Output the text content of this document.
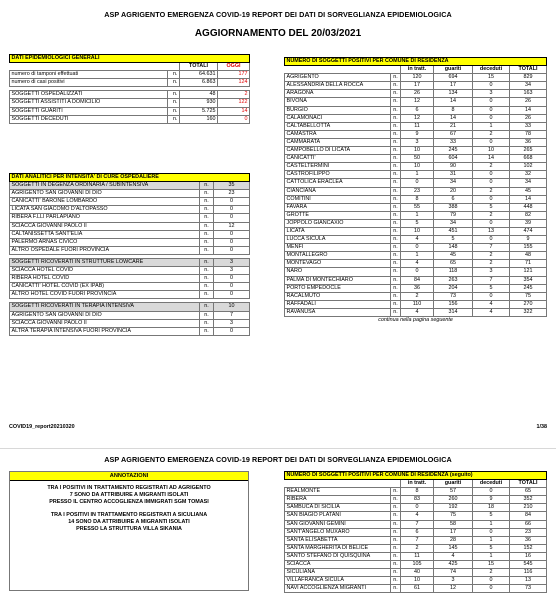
ASP AGRIGENTO EMERGENZA COVID-19 REPORT DEI DATI DI SORVEGLIANZA EPIDEMIOLOGICA
AGGIORNAMENTO DEL 20/03/2021
DATI EPIDEMIOLOGICI GENERALI			
		TOTALI	OGGI
numero di tamponi effettuati	n.	64.631	177
numero di casi positivi	n.	6.863	124

SOGGETTI OSPEDALIZZATI	n.	48	2
SOGGETTI ASSISTITI A DOMICILIO	n.	930	122
SOGGETTI GUARITI	n.	5.725	14
SOGGETTI DECEDUTI	n.	160	0
DATI ANALITICI PER INTENSITA' DI CURE OSPEDALIERE		
SOGGETTI IN DEGENZA ORDINARIA / SUBINTENSIVA	n.	35
AGRIGENTO SAN GIOVANNI DI DIO	n.	23
CANICATTI' BARONE LOMBARDO	n.	0
LICATA SAN GIACOMO D'ALTOPASSO	n.	0
RIBERA F.LLI PARLAPIANO	n.	0
SCIACCA GIOVANNI PAOLO II	n.	12
CALTANISSETTA SANT'ELIA	n.	0
PALERMO ARNAS CIVICO	n.	0
ALTRO OSPEDALE FUORI PROVINCIA	n.	0

SOGGETTI RICOVERATI IN STRUTTURE LOWCARE	n.	3
SCIACCA HOTEL COVID	n.	3
RIBERA HOTEL COVID	n.	0
CANICATTI' HOTEL COVID (EX IPAB)	n.	0
ALTRO HOTEL COVID FUORI PROVINCIA	n.	0

SOGGETTI RICOVERATI IN TERAPIA INTENSIVA	n.	10
AGRIGENTO SAN GIOVANNI DI DIO	n.	7
SCIACCA GIOVANNI PAOLO II	n.	3
ALTRA TERAPIA INTENSIVA FUORI PROVINCIA	n.	0
NUMERO DI SOGGETTI POSITIVI PER COMUNE DI RESIDENZA					
		in tratt.	guariti	deceduti	TOTALI
AGRIGENTO	n.	120	694	15	829
ALESSANDRIA DELLA ROCCA	n.	17	17	0	34
ARAGONA	n.	26	134	3	163
BIVONA	n.	12	14	0	26
BURGIO	n.	6	8	0	14
CALAMONACI	n.	12	14	0	26
CALTABELLOTTA	n.	11	21	1	33
CAMASTRA	n.	9	67	2	78
CAMMARATA	n.	3	33	0	36
CAMPOBELLO DI LICATA	n.	10	245	10	265
CANICATTI'	n.	50	604	14	668
CASTELTERMINI	n.	10	90	2	102
CASTROFILIPPO	n.	1	31	0	32
CATTOLICA ERACLEA	n.	0	34	0	34
CIANCIANA	n.	23	20	2	45
COMITINI	n.	8	6	0	14
FAVARA	n.	55	388	5	448
GROTTE	n.	1	79	2	82
JOPPOLO GIANCAXIO	n.	5	34	0	39
LICATA	n.	10	451	13	474
LUCCA SICULA	n.	4	5	0	9
MENFI	n.	0	148	7	155
MONTALLEGRO	n.	1	45	2	48
MONTEVAGO	n.	4	65	2	71
NARO	n.	0	118	3	121
PALMA DI MONTECHIARO	n.	84	263	7	354
PORTO EMPEDOCLE	n.	36	204	5	245
RACALMUTO	n.	2	73	0	75
RAFFADALI	n.	110	156	4	270
RAVANUSA	n.	4	314	4	322
continua nella pagina seguente					
COVID19_report20210320	1/38
ASP AGRIGENTO EMERGENZA COVID-19 REPORT DEI DATI DI SORVEGLIANZA EPIDEMIOLOGICA
ANNOTAZIONI
TRA I POSITIVI IN TRATTAMENTO REGISTRATI AD AGRIGENTO
7 SONO DA ATTRIBUIRE A MIGRANTI ISOLATI
PRESSO IL CENTRO ACCOGLIENZA IMMIGRATI SGM TOMASI
TRA I POSITIVI IN TRATTAMENTO REGISTRATI A SICULIANA
14 SONO DA ATTRIBUIRE A MIGRANTI ISOLATI
PRESSO LA STRUTTURA VILLA SIKANIA
NUMERO DI SOGGETTI POSITIVI PER COMUNE DI RESIDENZA (seguito)					
		in tratt.	guariti	deceduti	TOTALI
REALMONTE	n.	8	57	0	65
RIBERA	n.	83	260	9	352
SAMBUCA DI SICILIA	n.	0	192	18	210
SAN BIAGIO PLATANI	n.	4	75	5	84
SAN GIOVANNI GEMINI	n.	7	58	1	66
SANT'ANGELO MUXARO	n.	6	17	0	23
SANTA ELISABETTA	n.	7	28	1	36
SANTA MARGHERITA DI BELICE	n.	2	145	5	152
SANTO STEFANO DI QUISQUINA	n.	11	4	1	16
SCIACCA	n.	105	425	15	545
SICULIANA	n.	40	74	2	116
VILLAFRANCA SICULA	n.	10	3	0	13
NAVI ACCOGLIENZA MIGRANTI	n.	61	12	0	73
